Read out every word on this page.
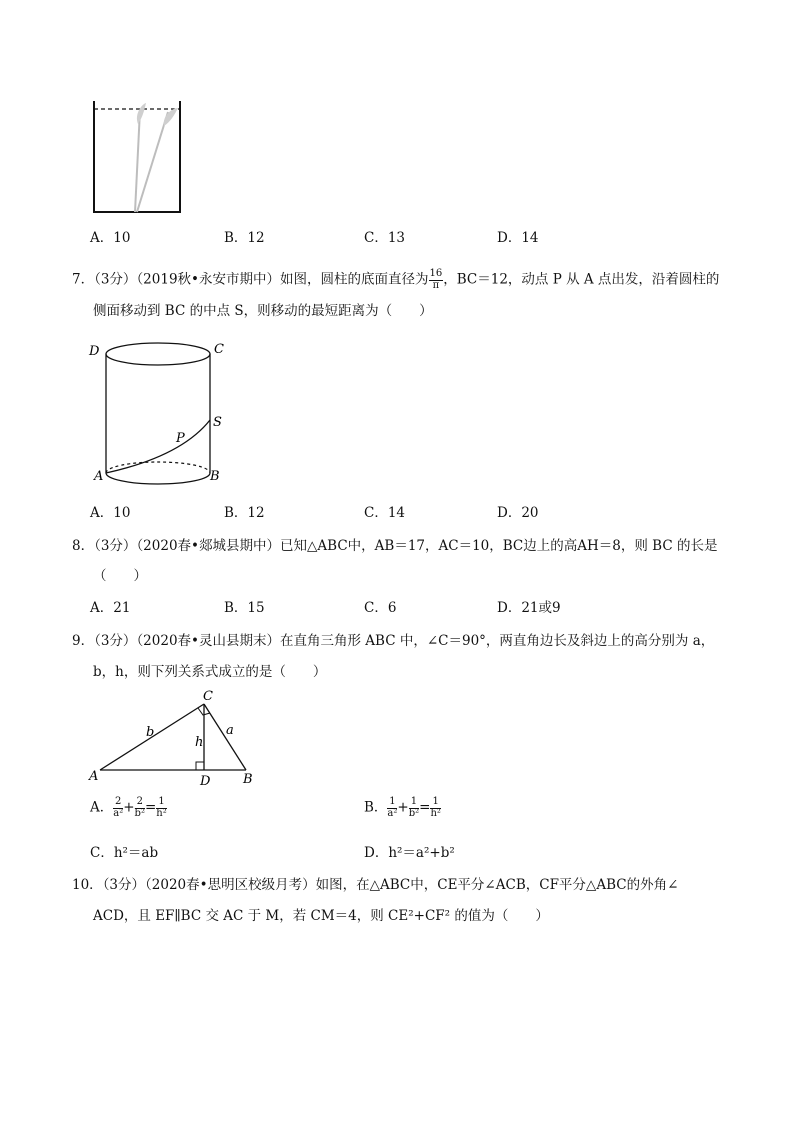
A．10	B．12	C．13	D．14
7．（3分）（2019秋•永安市期中）如图，圆柱的底面直径为 $\frac{16}{\pi}$ ，BC＝12，动点 P 从 A 点出发，沿着圆柱的
侧面移动到 BC 的中点 S，则移动的最短距离为（　　）
D	C
S
P
A	B
A．10	B．12	C．14	D．20
8．（3分）（2020春•郯城县期中）已知△ABC中，AB＝17，AC＝10，BC边上的高AH＝8，则 BC 的长是
（　　）
A．21	B．15	C．6	D．21或9
9．（3分）（2020春•灵山县期末）在直角三角形 ABC 中，∠C＝90°，两直角边长及斜边上的高分别为 a，
b，h，则下列关系式成立的是（　　）
C
A	B
D
b	a
h
A． $\frac{2}{\text{a²}} + \frac{2}{\text{b²}} = \frac{1}{\text{h²}}$	B． $\frac{1}{\text{a²}} + \frac{1}{\text{b²}} = \frac{1}{\text{h²}}$
C．h²＝ab	D．h²＝a²+b²
10．（3分）（2020春•思明区校级月考）如图，在△ABC中，CE平分∠ACB，CF平分△ABC的外角∠
ACD，且 EF∥BC 交 AC 于 M，若 CM＝4，则 CE²+CF² 的值为（　　）
